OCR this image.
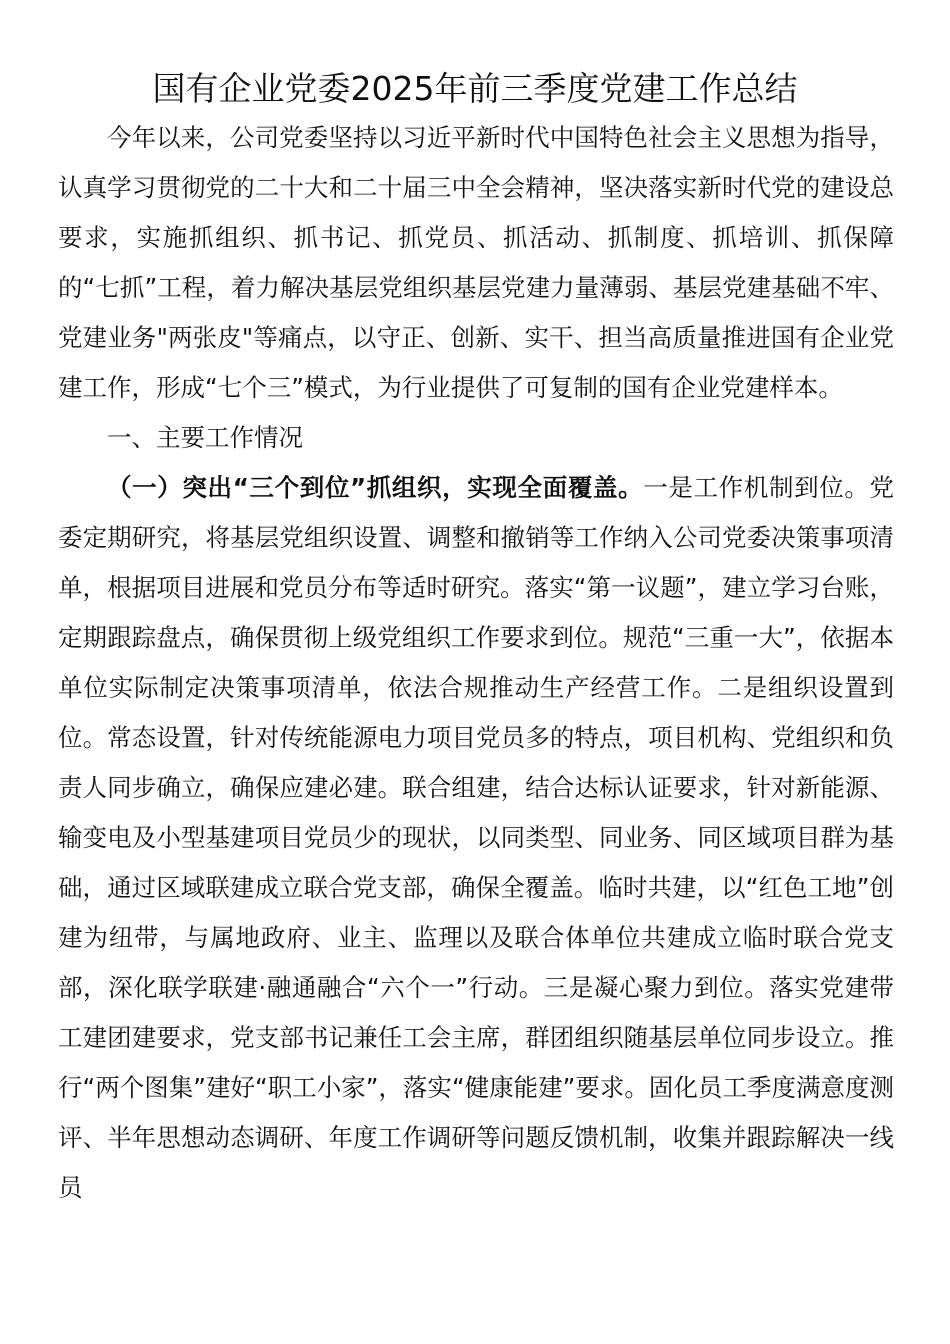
国有企业党委2025年前三季度党建工作总结

今年以来，公司党委坚持以习近平新时代中国特色社会主义思想为指导，认真学习贯彻党的二十大和二十届三中全会精神，坚决落实新时代党的建设总要求，实施抓组织、抓书记、抓党员、抓活动、抓制度、抓培训、抓保障的“七抓”工程，着力解决基层党组织基层党建力量薄弱、基层党建基础不牢、党建业务"两张皮"等痛点，以守正、创新、实干、担当高质量推进国有企业党建工作，形成“七个三”模式，为行业提供了可复制的国有企业党建样本。

一、主要工作情况

（一）突出“三个到位”抓组织，实现全面覆盖。一是工作机制到位。党委定期研究，将基层党组织设置、调整和撤销等工作纳入公司党委决策事项清单，根据项目进展和党员分布等适时研究。落实“第一议题”，建立学习台账，定期跟踪盘点，确保贯彻上级党组织工作要求到位。规范“三重一大”，依据本单位实际制定决策事项清单，依法合规推动生产经营工作。二是组织设置到位。常态设置，针对传统能源电力项目党员多的特点，项目机构、党组织和负责人同步确立，确保应建必建。联合组建，结合达标认证要求，针对新能源、输变电及小型基建项目党员少的现状，以同类型、同业务、同区域项目群为基础，通过区域联建成立联合党支部，确保全覆盖。临时共建，以“红色工地”创建为纽带，与属地政府、业主、监理以及联合体单位共建成立临时联合党支部，深化联学联建·融通融合“六个一”行动。三是凝心聚力到位。落实党建带工建团建要求，党支部书记兼任工会主席，群团组织随基层单位同步设立。推行“两个图集”建好“职工小家”，落实“健康能建”要求。固化员工季度满意度测评、半年思想动态调研、年度工作调研等问题反馈机制，收集并跟踪解决一线员
